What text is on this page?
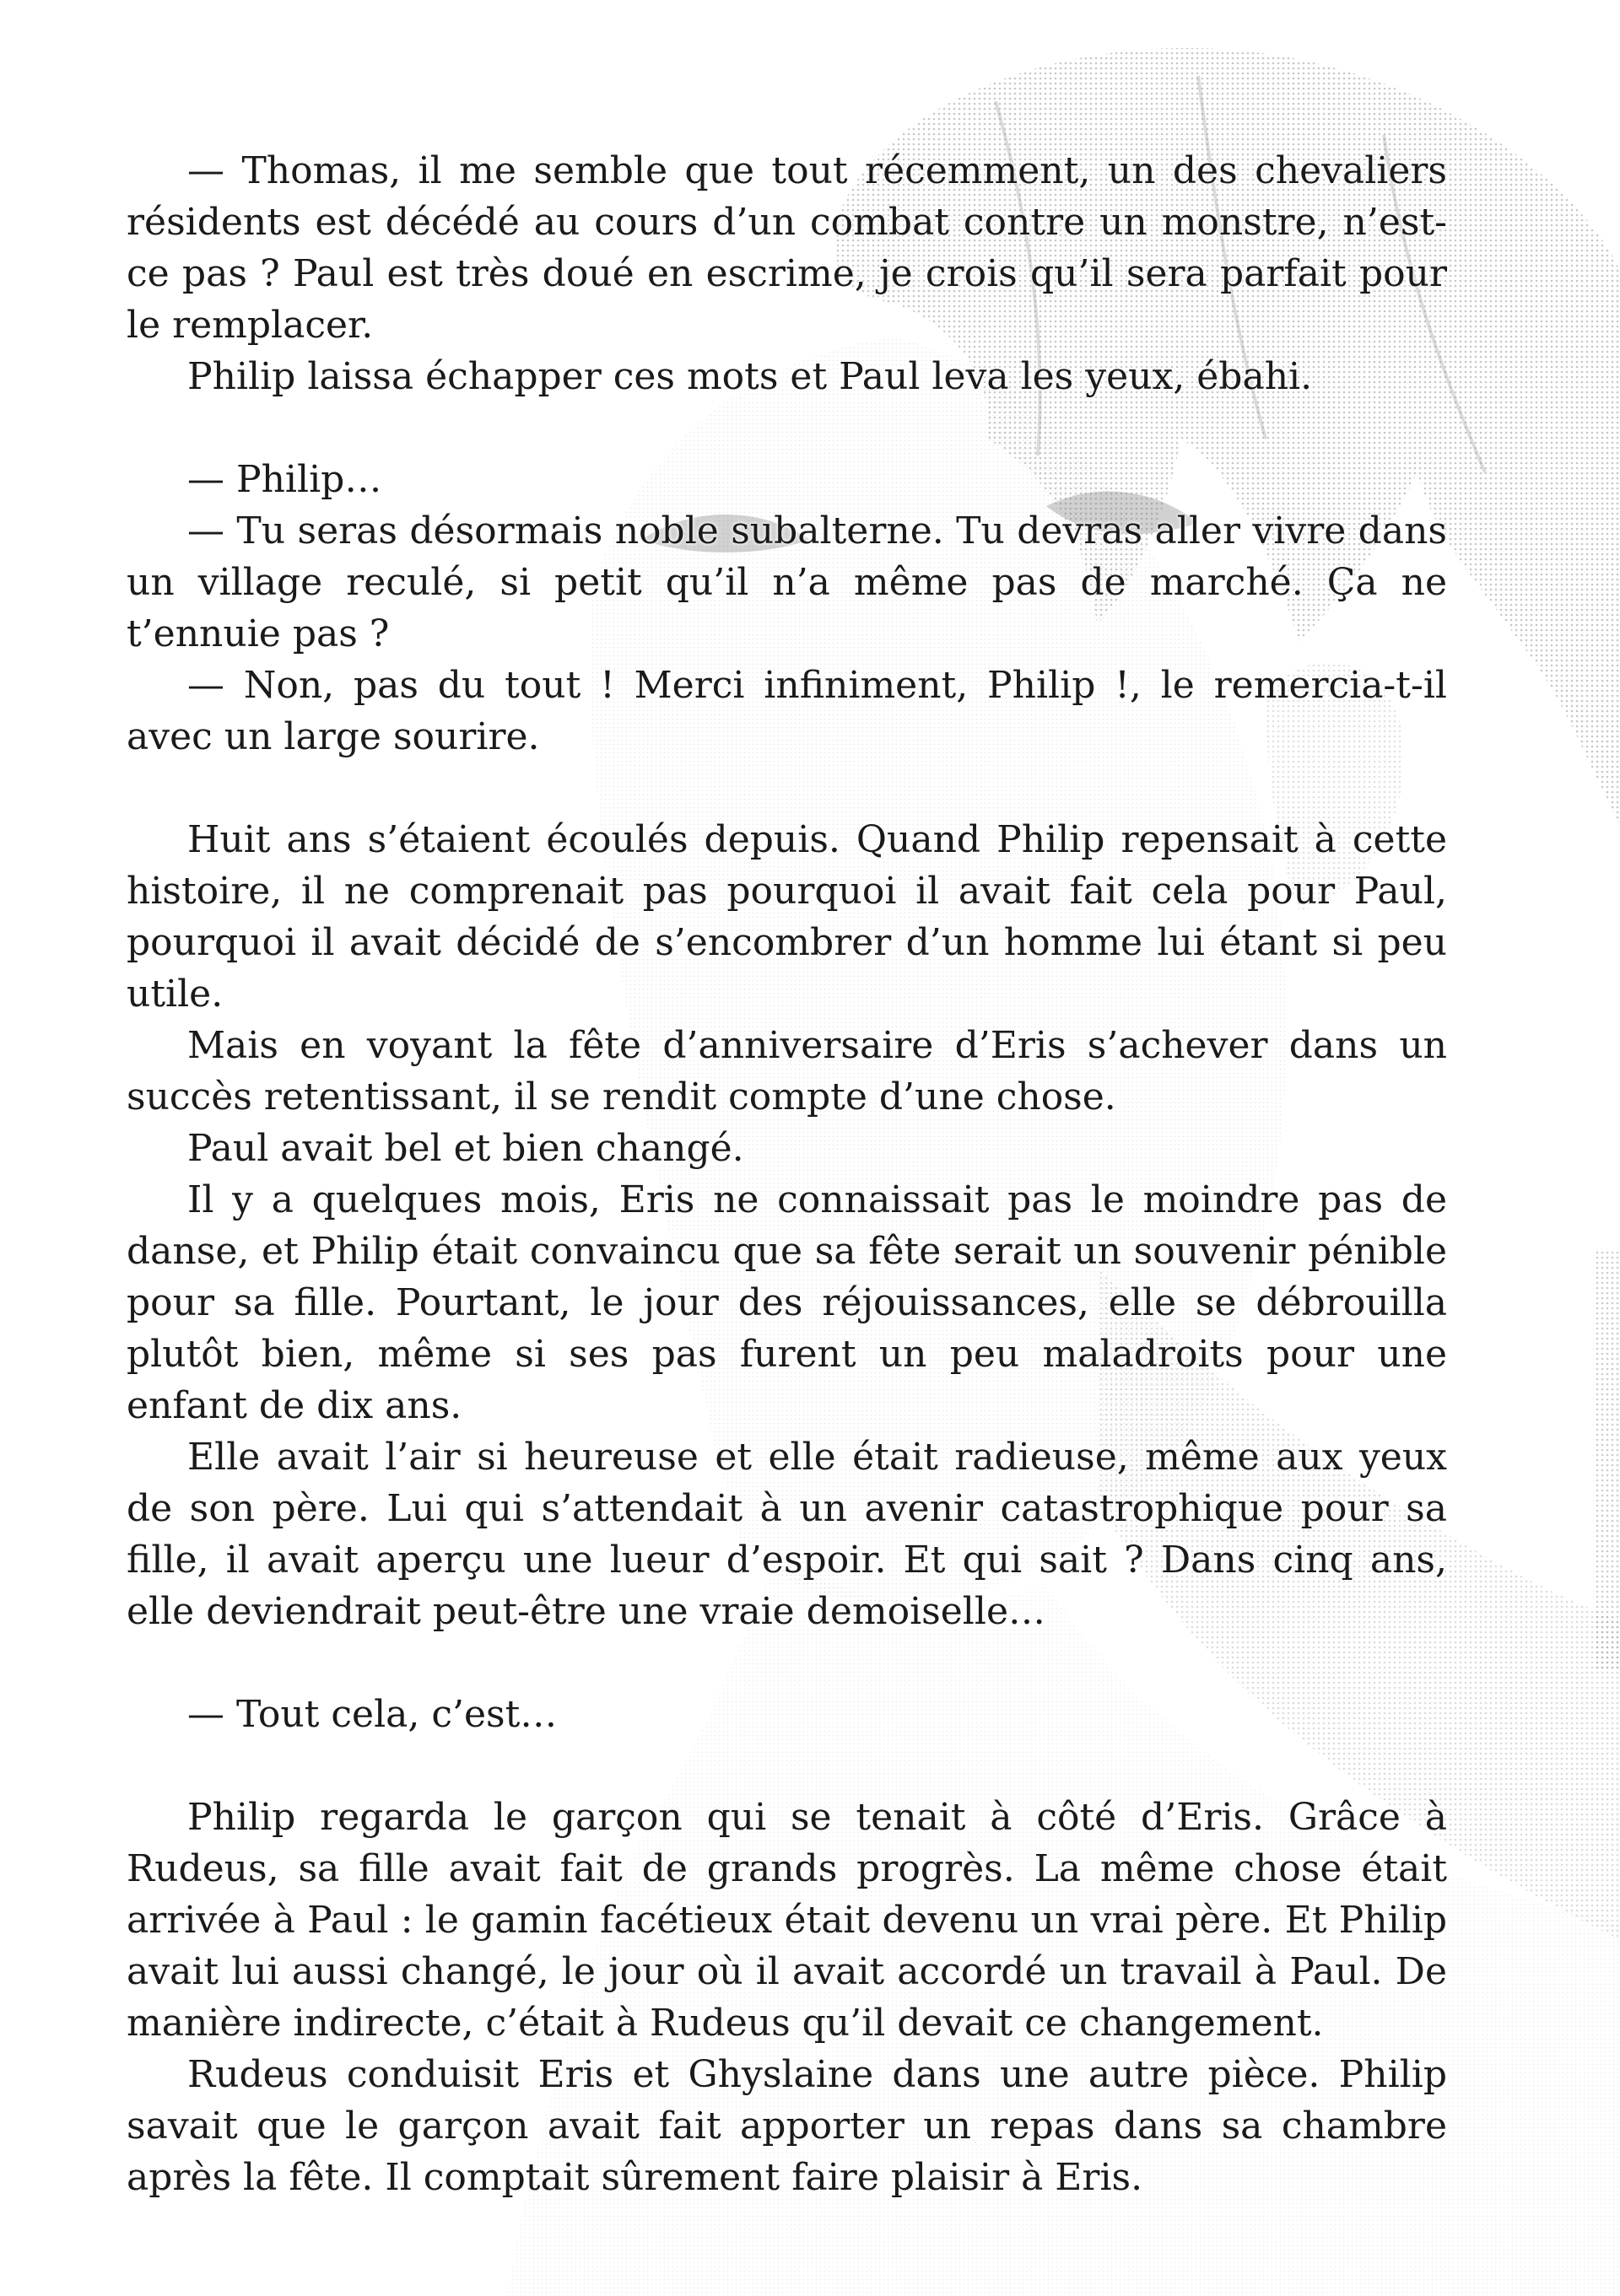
— Thomas, il me semble que tout récemment, un des chevaliers résidents est décédé au cours d’un combat contre un monstre, n’est-ce pas ? Paul est très doué en escrime, je crois qu’il sera parfait pour le remplacer.

Philip laissa échapper ces mots et Paul leva les yeux, ébahi.

— Philip…

— Tu seras désormais noble subalterne. Tu devras aller vivre dans un village reculé, si petit qu’il n’a même pas de marché. Ça ne t’ennuie pas ?

— Non, pas du tout ! Merci infiniment, Philip !, le remercia-t-il avec un large sourire.

Huit ans s’étaient écoulés depuis. Quand Philip repensait à cette histoire, il ne comprenait pas pourquoi il avait fait cela pour Paul, pourquoi il avait décidé de s’encombrer d’un homme lui étant si peu utile.

Mais en voyant la fête d’anniversaire d’Eris s’achever dans un succès retentissant, il se rendit compte d’une chose.

Paul avait bel et bien changé.

Il y a quelques mois, Eris ne connaissait pas le moindre pas de danse, et Philip était convaincu que sa fête serait un souvenir pénible pour sa fille. Pourtant, le jour des réjouissances, elle se débrouilla plutôt bien, même si ses pas furent un peu maladroits pour une enfant de dix ans.

Elle avait l’air si heureuse et elle était radieuse, même aux yeux de son père. Lui qui s’attendait à un avenir catastrophique pour sa fille, il avait aperçu une lueur d’espoir. Et qui sait ? Dans cinq ans, elle deviendrait peut-être une vraie demoiselle…

— Tout cela, c’est…

Philip regarda le garçon qui se tenait à côté d’Eris. Grâce à Rudeus, sa fille avait fait de grands progrès. La même chose était arrivée à Paul : le gamin facétieux était devenu un vrai père. Et Philip avait lui aussi changé, le jour où il avait accordé un travail à Paul. De manière indirecte, c’était à Rudeus qu’il devait ce changement.

Rudeus conduisit Eris et Ghyslaine dans une autre pièce. Philip savait que le garçon avait fait apporter un repas dans sa chambre après la fête. Il comptait sûrement faire plaisir à Eris.
